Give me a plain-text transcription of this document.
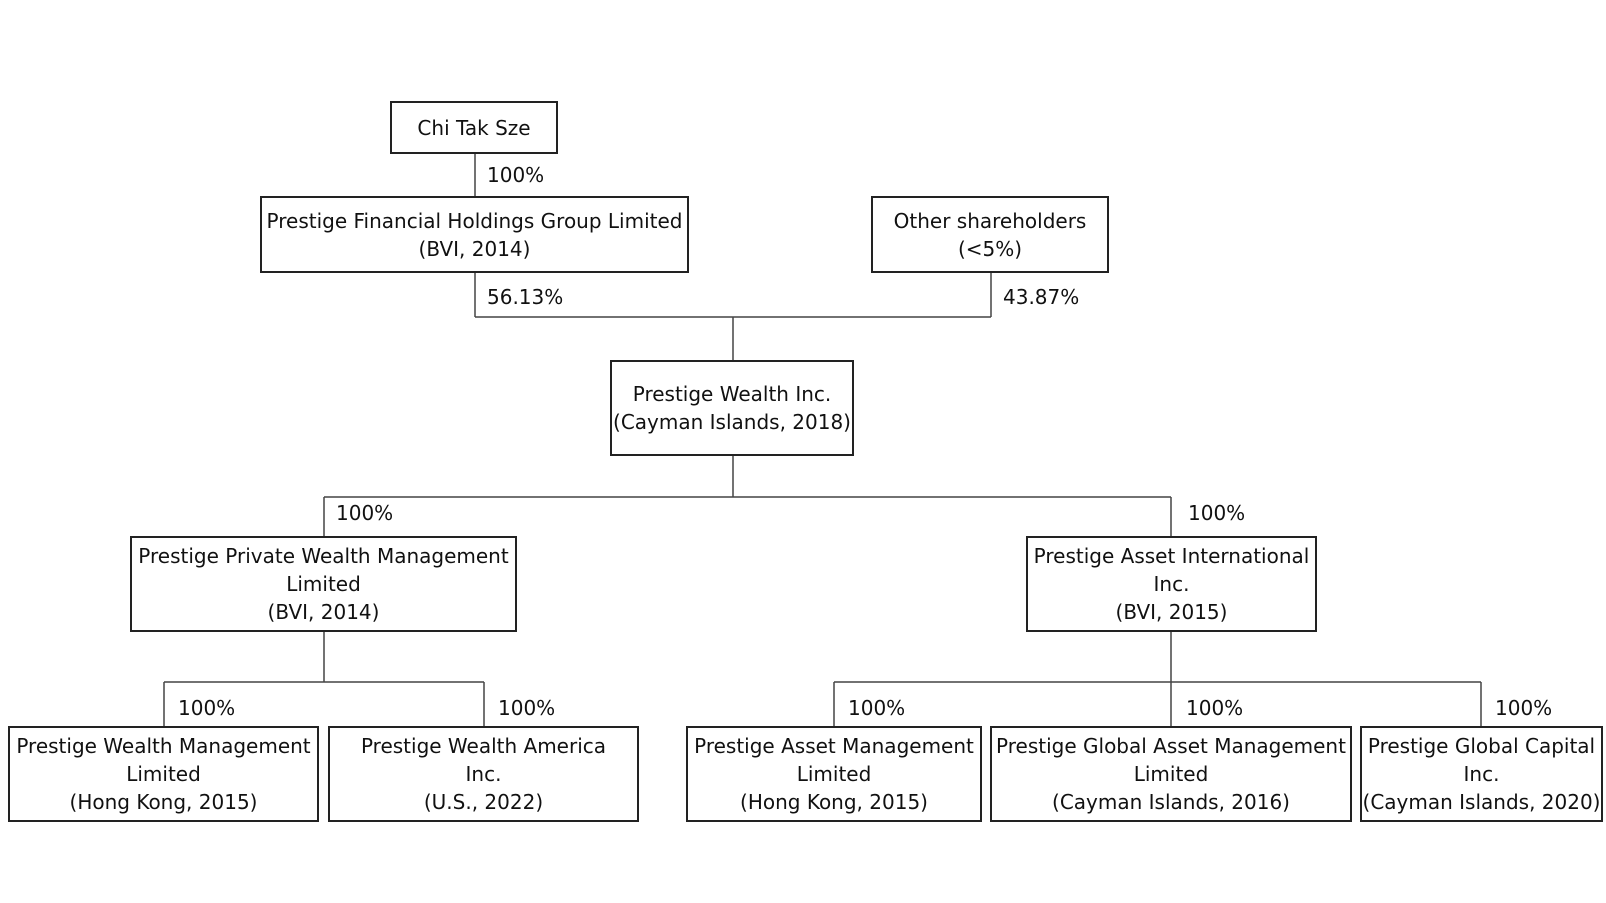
Chi Tak Sze
Prestige Financial Holdings Group Limited
(BVI, 2014)
Other shareholders
(<5%)
Prestige Wealth Inc.
(Cayman Islands, 2018)
Prestige Private Wealth Management
Limited
(BVI, 2014)
Prestige Asset International
Inc.
(BVI, 2015)
Prestige Wealth Management
Limited
(Hong Kong, 2015)
Prestige Wealth America
Inc.
(U.S., 2022)
Prestige Asset Management
Limited
(Hong Kong, 2015)
Prestige Global Asset Management
Limited
(Cayman Islands, 2016)
Prestige Global Capital
Inc.
(Cayman Islands, 2020)
100%
56.13%	43.87%
100%	100%
100%	100%	100%	100%	100%
